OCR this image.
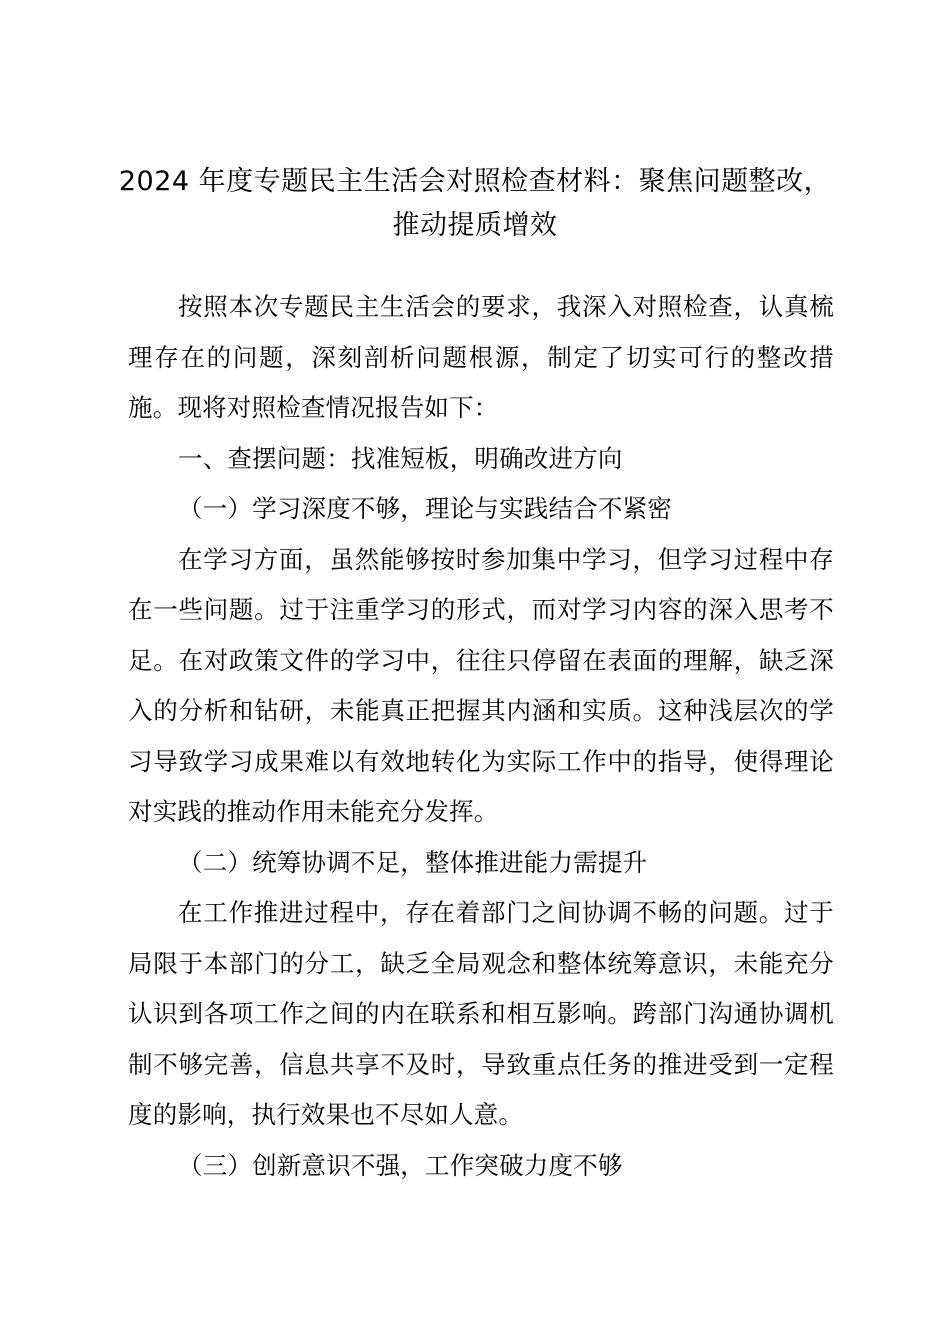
2024 年度专题民主生活会对照检查材料：聚焦问题整改，推动提质增效

按照本次专题民主生活会的要求，我深入对照检查，认真梳理存在的问题，深刻剖析问题根源，制定了切实可行的整改措施。现将对照检查情况报告如下：

一、查摆问题：找准短板，明确改进方向

（一）学习深度不够，理论与实践结合不紧密

在学习方面，虽然能够按时参加集中学习，但学习过程中存在一些问题。过于注重学习的形式，而对学习内容的深入思考不足。在对政策文件的学习中，往往只停留在表面的理解，缺乏深入的分析和钻研，未能真正把握其内涵和实质。这种浅层次的学习导致学习成果难以有效地转化为实际工作中的指导，使得理论对实践的推动作用未能充分发挥。

（二）统筹协调不足，整体推进能力需提升

在工作推进过程中，存在着部门之间协调不畅的问题。过于局限于本部门的分工，缺乏全局观念和整体统筹意识，未能充分认识到各项工作之间的内在联系和相互影响。跨部门沟通协调机制不够完善，信息共享不及时，导致重点任务的推进受到一定程度的影响，执行效果也不尽如人意。

（三）创新意识不强，工作突破力度不够
